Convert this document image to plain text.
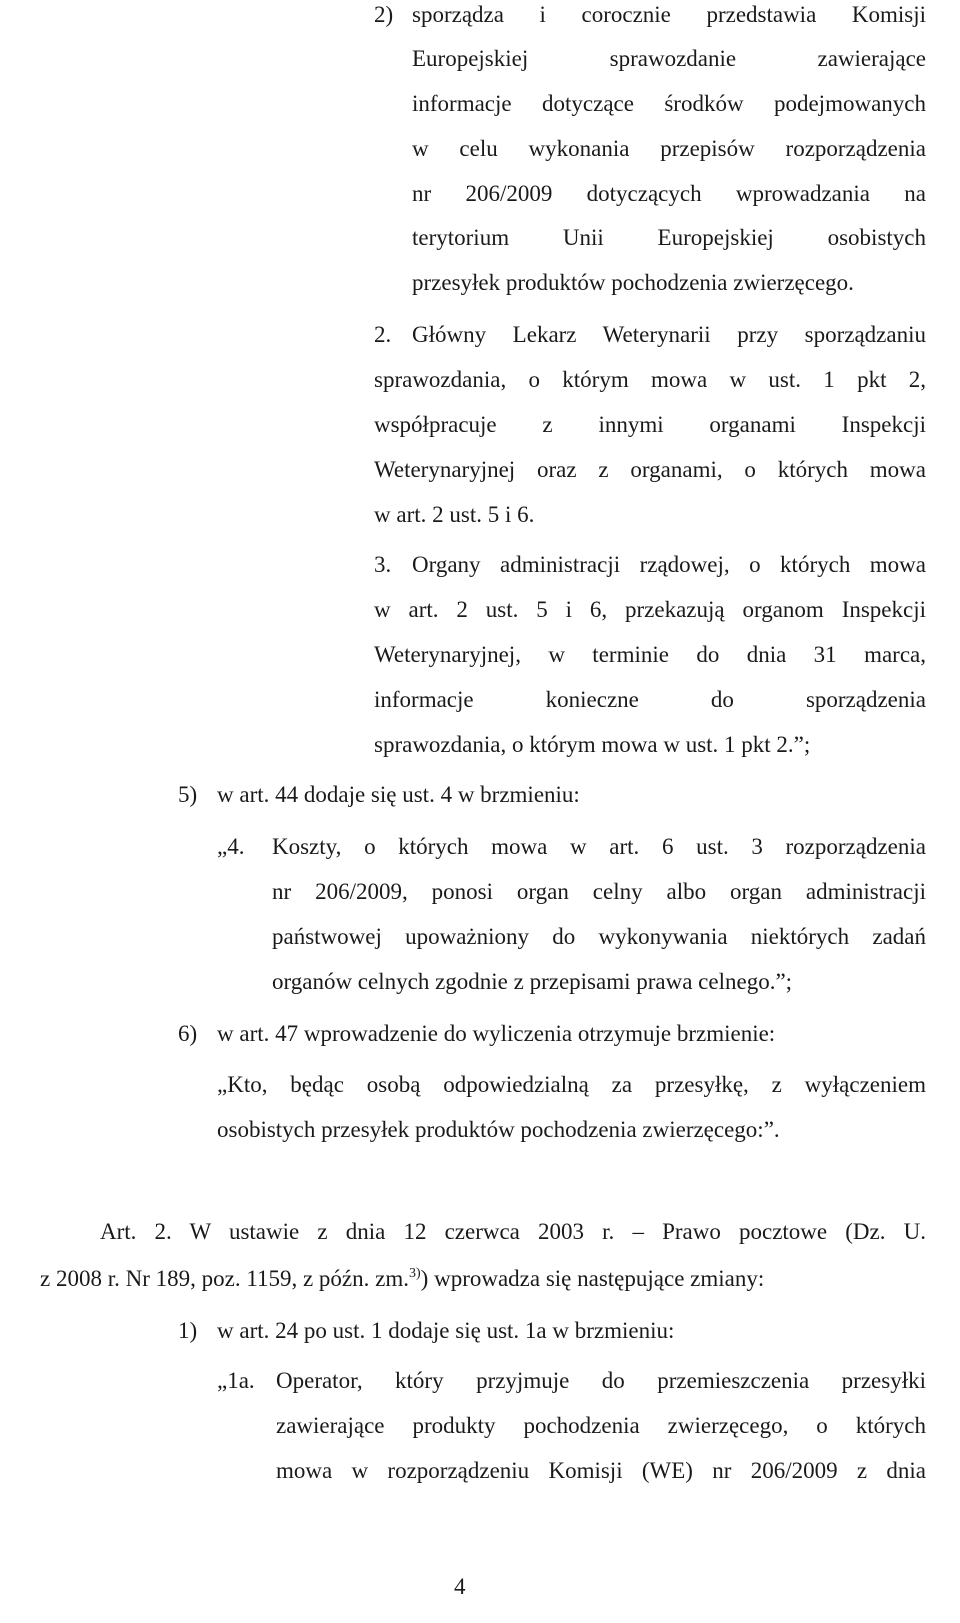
2) sporządza i corocznie przedstawia Komisji
Europejskiej sprawozdanie zawierające
informacje dotyczące środków podejmowanych
w celu wykonania przepisów rozporządzenia
nr 206/2009 dotyczących wprowadzania na
terytorium Unii Europejskiej osobistych
przesyłek produktów pochodzenia zwierzęcego.
2. Główny Lekarz Weterynarii przy sporządzaniu
sprawozdania, o którym mowa w ust. 1 pkt 2,
współpracuje z innymi organami Inspekcji
Weterynaryjnej oraz z organami, o których mowa
w art. 2 ust. 5 i 6.
3. Organy administracji rządowej, o których mowa
w art. 2 ust. 5 i 6, przekazują organom Inspekcji
Weterynaryjnej, w terminie do dnia 31 marca,
informacje konieczne do sporządzenia
sprawozdania, o którym mowa w ust. 1 pkt 2.”;
5) w art. 44 dodaje się ust. 4 w brzmieniu:
„4. Koszty, o których mowa w art. 6 ust. 3 rozporządzenia
nr 206/2009, ponosi organ celny albo organ administracji
państwowej upoważniony do wykonywania niektórych zadań
organów celnych zgodnie z przepisami prawa celnego.”;
6) w art. 47 wprowadzenie do wyliczenia otrzymuje brzmienie:
„Kto, będąc osobą odpowiedzialną za przesyłkę, z wyłączeniem
osobistych przesyłek produktów pochodzenia zwierzęcego:”.
Art. 2. W ustawie z dnia 12 czerwca 2003 r. – Prawo pocztowe (Dz. U.
z 2008 r. Nr 189, poz. 1159, z późn. zm.$^{3)}$) wprowadza się następujące zmiany:
1) w art. 24 po ust. 1 dodaje się ust. 1a w brzmieniu:
„1a. Operator, który przyjmuje do przemieszczenia przesyłki
zawierające produkty pochodzenia zwierzęcego, o których
mowa w rozporządzeniu Komisji (WE) nr 206/2009 z dnia
4
